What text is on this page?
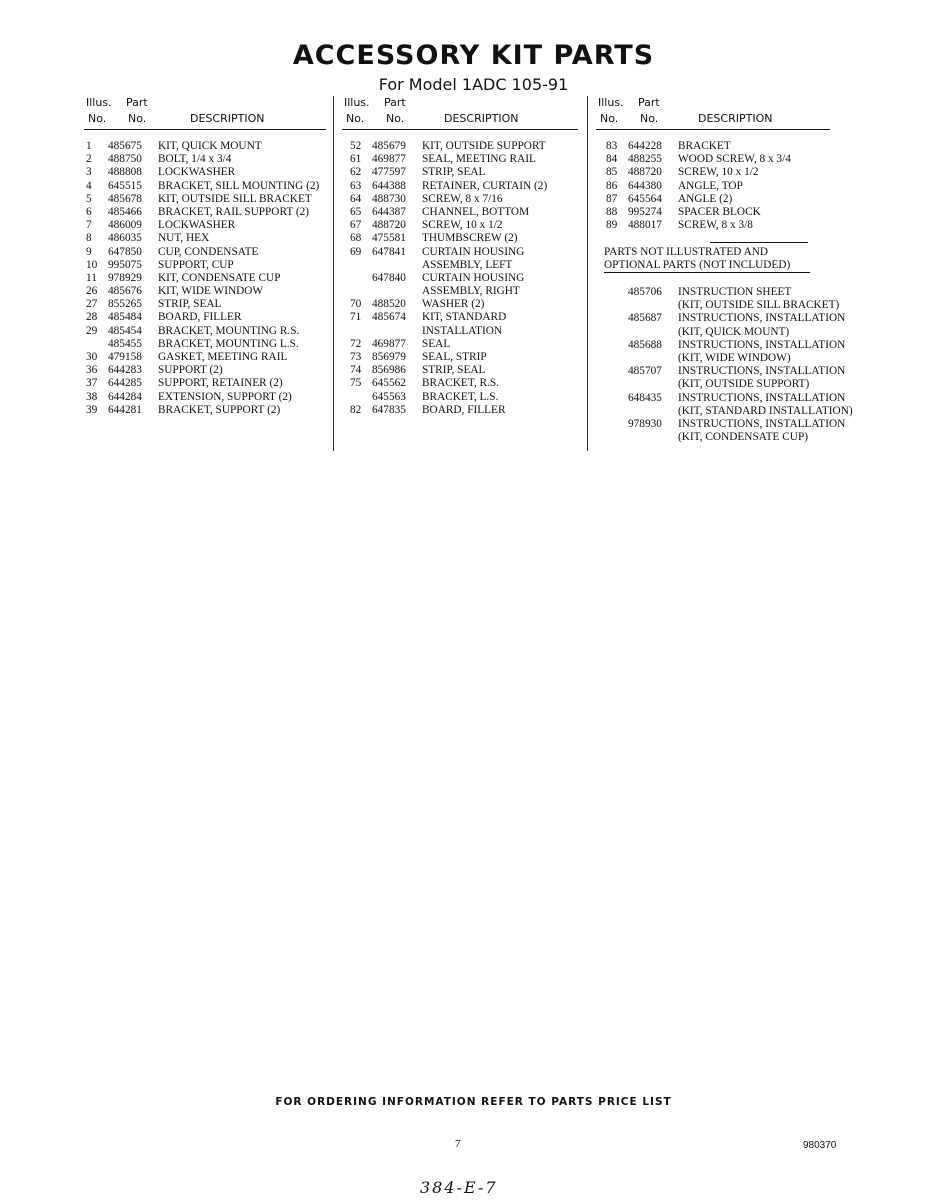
ACCESSORY KIT PARTS
For Model 1ADC 105-91
Illus. Part
No. No.	DESCRIPTION
1 485675 KIT, QUICK MOUNT
2 488750 BOLT, 1/4 x 3/4
3 488808 LOCKWASHER
4 645515 BRACKET, SILL MOUNTING (2)
5 485678 KIT, OUTSIDE SILL BRACKET
6 485466 BRACKET, RAIL SUPPORT (2)
7 486009 LOCKWASHER
8 486035 NUT, HEX
9 647850 CUP, CONDENSATE
10 995075 SUPPORT, CUP
11 978929 KIT, CONDENSATE CUP
26 485676 KIT, WIDE WINDOW
27 855265 STRIP, SEAL
28 485484 BOARD, FILLER
29 485454 BRACKET, MOUNTING R.S.
485455 BRACKET, MOUNTING L.S.
30 479158 GASKET, MEETING RAIL
36 644283 SUPPORT (2)
37 644285 SUPPORT, RETAINER (2)
38 644284 EXTENSION, SUPPORT (2)
39 644281 BRACKET, SUPPORT (2)
Illus. Part
No. No.	DESCRIPTION
52 485679 KIT, OUTSIDE SUPPORT
61 469877 SEAL, MEETING RAIL
62 477597 STRIP, SEAL
63 644388 RETAINER, CURTAIN (2)
64 488730 SCREW, 8 x 7/16
65 644387 CHANNEL, BOTTOM
67 488720 SCREW, 10 x 1/2
68 475581 THUMBSCREW (2)
69 647841 CURTAIN HOUSING
ASSEMBLY, LEFT
647840 CURTAIN HOUSING
ASSEMBLY, RIGHT
70 488520 WASHER (2)
71 485674 KIT, STANDARD
INSTALLATION
72 469877 SEAL
73 856979 SEAL, STRIP
74 856986 STRIP, SEAL
75 645562 BRACKET, R.S.
645563 BRACKET, L.S.
82 647835 BOARD, FILLER
Illus. Part
No. No.	DESCRIPTION
83 644228 BRACKET
84 488255 WOOD SCREW, 8 x 3/4
85 488720 SCREW, 10 x 1/2
86 644380 ANGLE, TOP
87 645564 ANGLE (2)
88 995274 SPACER BLOCK
89 488017 SCREW, 8 x 3/8
PARTS NOT ILLUSTRATED AND
OPTIONAL PARTS (NOT INCLUDED)
485706 INSTRUCTION SHEET
(KIT, OUTSIDE SILL BRACKET)
485687 INSTRUCTIONS, INSTALLATION
(KIT, QUICK MOUNT)
485688 INSTRUCTIONS, INSTALLATION
(KIT, WIDE WINDOW)
485707 INSTRUCTIONS, INSTALLATION
(KIT, OUTSIDE SUPPORT)
648435 INSTRUCTIONS, INSTALLATION
(KIT, STANDARD INSTALLATION)
978930 INSTRUCTIONS, INSTALLATION
(KIT, CONDENSATE CUP)
FOR ORDERING INFORMATION REFER TO PARTS PRICE LIST
7	980370
384-E-7
